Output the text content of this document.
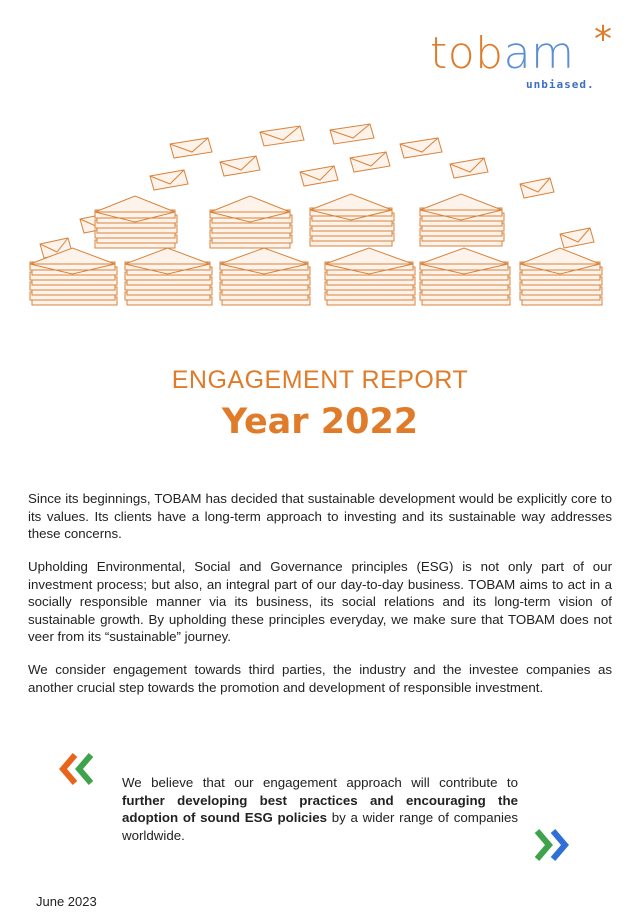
tobam *
unbiased.
ENGAGEMENT REPORT
Year 2022
Since its beginnings, TOBAM has decided that sustainable development would be explicitly core to its values. Its clients have a long-term approach to investing and its sustainable way addresses these concerns.
Upholding Environmental, Social and Governance principles (ESG) is not only part of our investment process; but also, an integral part of our day-to-day business. TOBAM aims to act in a socially responsible manner via its business, its social relations and its long-term vision of sustainable growth. By upholding these principles everyday, we make sure that TOBAM does not veer from its “sustainable” journey.
We consider engagement towards third parties, the industry and the investee companies as another crucial step towards the promotion and development of responsible investment.
We believe that our engagement approach will contribute to further developing best practices and encouraging the adoption of sound ESG policies by a wider range of companies worldwide.
June 2023
